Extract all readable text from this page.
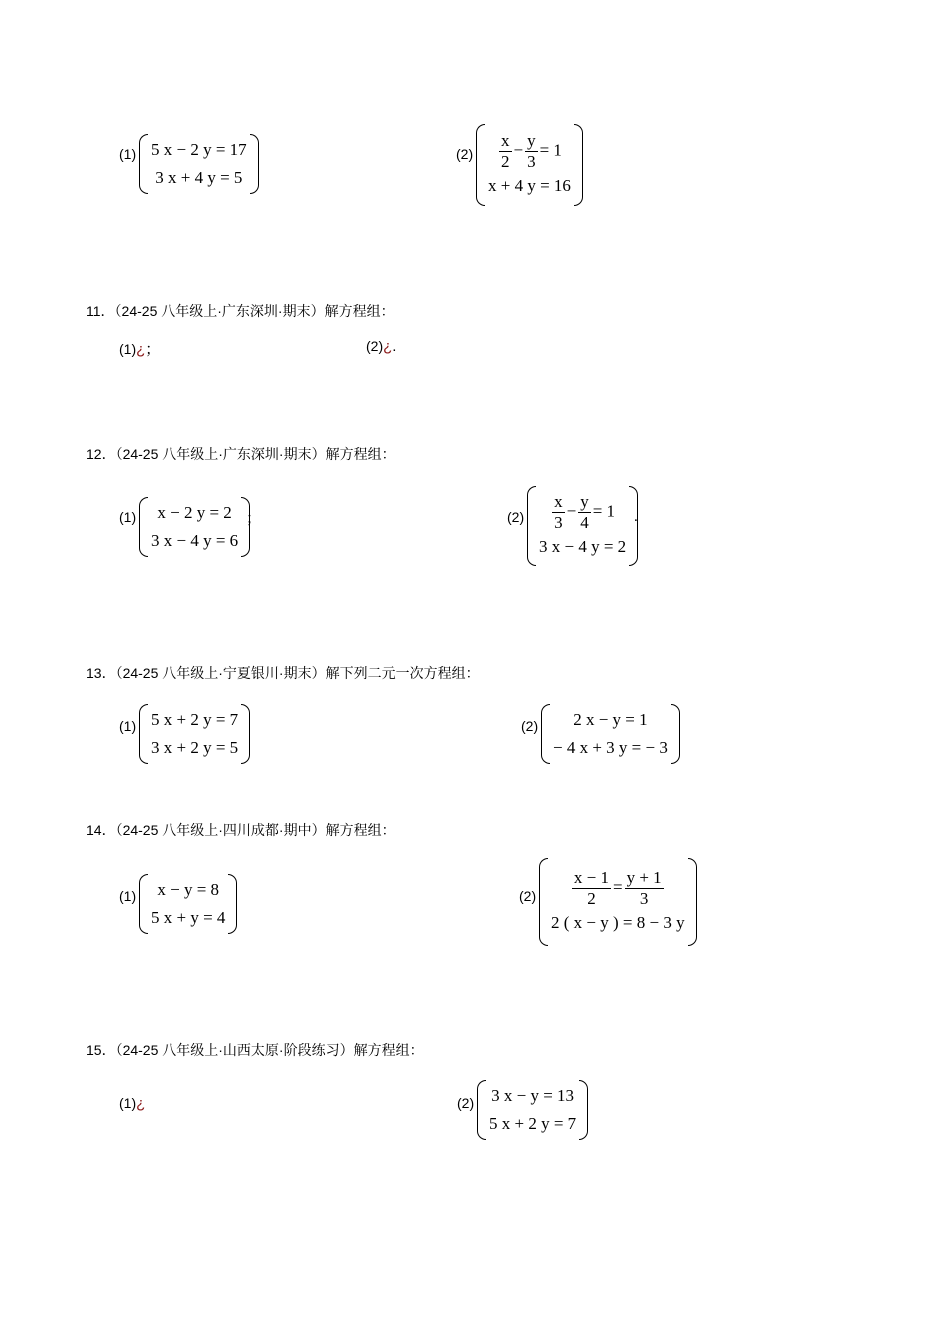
(1) 5 x − 2 y = 17
3 x + 4 y = 5
$(2) \frac{x}{2} - \frac{y}{3} = 1$
x + 4 y = 16
11．（24-25 八年级上·广东深圳·期末）解方程组：
(1)¿；	(2)¿.
12．（24-25 八年级上·广东深圳·期末）解方程组：
(1)	x − 2 y = 2
3 x − 4 y = 6
；	$(2) \frac{x}{3} - \frac{y}{4} = 1$
3 x − 4 y = 2
.
13．（24-25 八年级上·宁夏银川·期末）解下列二元一次方程组：
(1) 5 x + 2 y = 7
3 x + 2 y = 5
(2)	2 x − y = 1
− 4 x + 3 y = − 3
14．（24-25 八年级上·四川成都·期中）解方程组：
(1)	x − y = 8
5 x + y = 4
$(2) \frac{x - 1}{2} = \frac{y + 1}{3}$
2 ( x − y ) = 8 − 3 y
15．（24-25 八年级上·山西太原·阶段练习）解方程组：
(1)¿	(2) 3 x − y = 13
5 x + 2 y = 7
